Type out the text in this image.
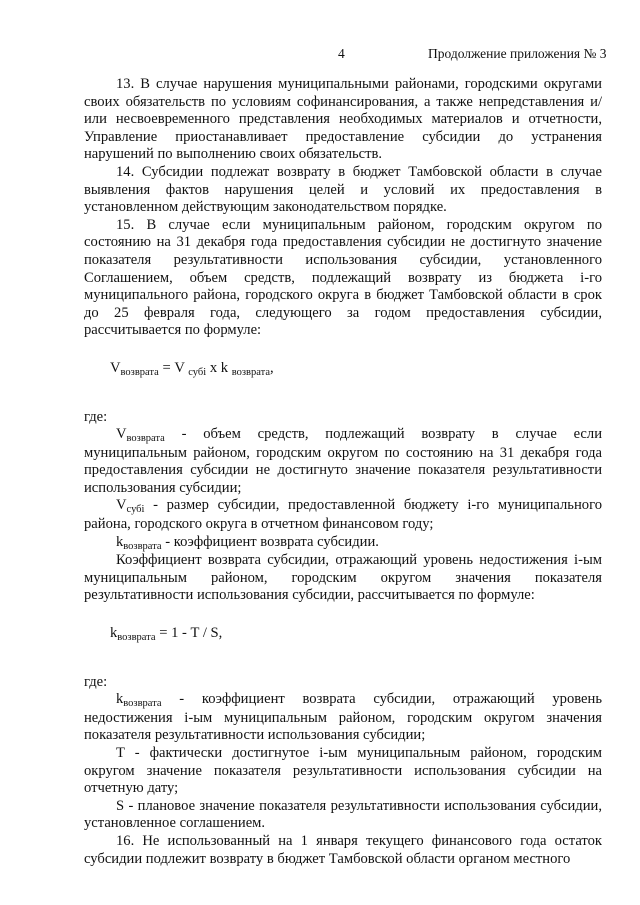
4	Продолжение приложения № 3

13. В случае нарушения муниципальными районами, городскими округами своих обязательств по условиям софинансирования, а также непредставления и/или несвоевременного представления необходимых материалов и отчетности, Управление приостанавливает предоставление субсидии до устранения нарушений по выполнению своих обязательств.

14. Субсидии подлежат возврату в бюджет Тамбовской области в случае выявления фактов нарушения целей и условий их предоставления в установленном действующим законодательством порядке.

15. В случае если муниципальным районом, городским округом по состоянию на 31 декабря года предоставления субсидии не достигнуто значение показателя результативности использования субсидии, установленного Соглашением, объем средств, подлежащий возврату из бюджета i-го муниципального района, городского округа в бюджет Тамбовской области в срок до 25 февраля года, следующего за годом предоставления субсидии, рассчитывается по формуле:

$V_{возврата} = V$ $_{субi}$ x k $_{возврата}$,

где:

$V_{возврата}$ - объем средств, подлежащий возврату в случае если муниципальным районом, городским округом по состоянию на 31 декабря года предоставления субсидии не достигнуто значение показателя результативности использования субсидии;

$V_{субi}$ - размер субсидии, предоставленной бюджету i-го муниципального района, городского округа в отчетном финансовом году;

$k_{возврата}$ - коэффициент возврата субсидии.

Коэффициент возврата субсидии, отражающий уровень недостижения i-ым муниципальным районом, городским округом значения показателя результативности использования субсидии, рассчитывается по формуле:

$k_{возврата} = 1 - T / S$,

где:

$k_{возврата}$ - коэффициент возврата субсидии, отражающий уровень недостижения i-ым муниципальным районом, городским округом значения показателя результативности использования субсидии;

T - фактически достигнутое i-ым муниципальным районом, городским округом значение показателя результативности использования субсидии на отчетную дату;

S - плановое значение показателя результативности использования субсидии, установленное соглашением.

16. Не использованный на 1 января текущего финансового года остаток субсидии подлежит возврату в бюджет Тамбовской области органом местного
